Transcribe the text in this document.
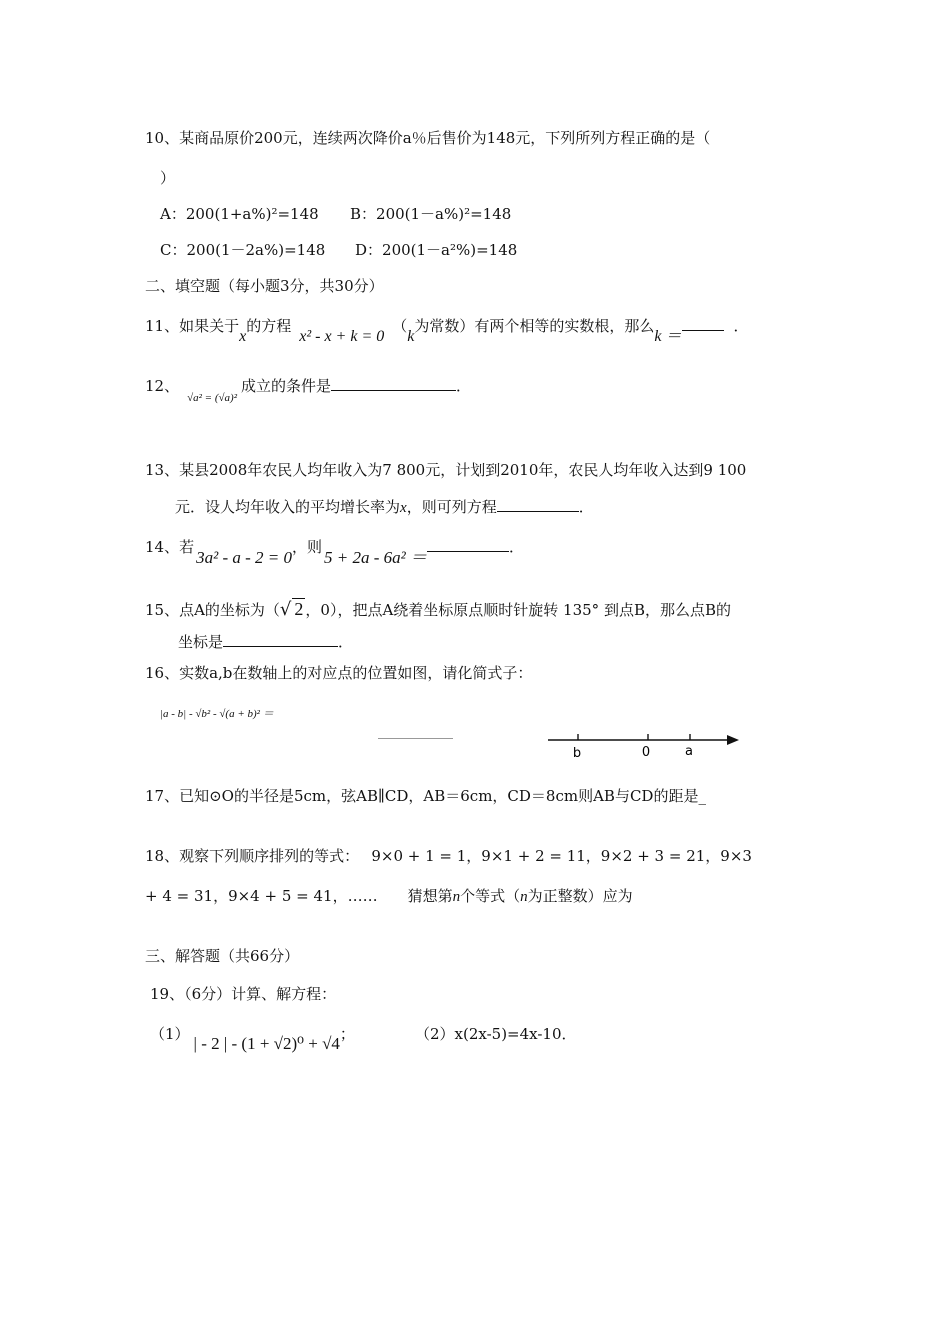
10、某商品原价200元，连续两次降价a％后售价为148元，下列所列方程正确的是（
）
A：200(1+a%)²=148 B：200(1－a%)²=148
C：200(1－2a%)=148 D：200(1－a²%)=148
二、填空题（每小题3分，共30分）
11、如果关于x的方程x² - x + k = 0（k为常数）有两个相等的实数根，那么k ＝．
12、$_{√a^2 = (√a)^2}$成立的条件是	．
13、某县2008年农民人均年收入为7 800元，计划到2010年，农民人均年收入达到9 100
元．设人均年收入的平均增长率为x，则可列方程	．
14、若3a² - a - 2 = 0，则5 + 2a - 6a² ＝．
15、点A的坐标为（√ 2 ，0），把点A绕着坐标原点顺时针旋转 135° 到点B，那么点B的
坐标是	．
16、实数a,b在数轴上的对应点的位置如图，请化简式子：
|a - b| - √b² - √(a + b)² ＝
b	0	a
17、已知⊙O的半径是5cm，弦AB∥CD，AB＝6cm，CD＝8cm则AB与CD的距是_
18、观察下列顺序排列的等式：　 9×0 + 1 = 1，9×1 + 2 = 11，9×2 + 3 = 21，9×3
+ 4 = 31，9×4 + 5 = 41，……　　猜想第n个等式（n为正整数）应为
三、解答题（共66分）
19、（6分）计算、解方程：
（1） | - 2 | - (1 + √2)⁰ + √4；	（2）x(2x-5)=4x-10．
